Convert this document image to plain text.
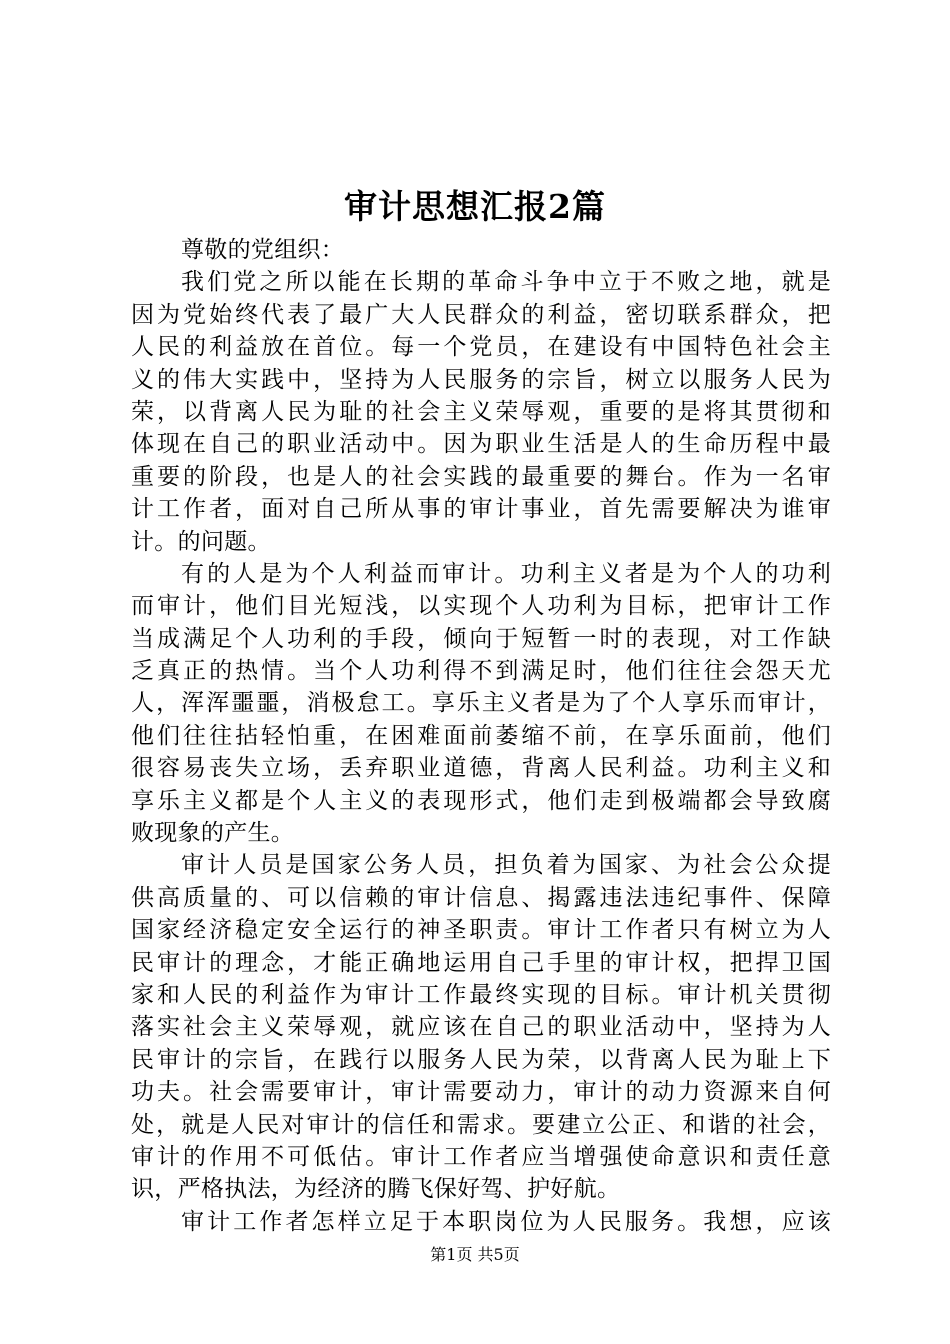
审计思想汇报2篇
尊敬的党组织：
我们党之所以能在长期的革命斗争中立于不败之地，就是
因为党始终代表了最广大人民群众的利益，密切联系群众，把
人民的利益放在首位。每一个党员，在建设有中国特色社会主
义的伟大实践中，坚持为人民服务的宗旨，树立以服务人民为
荣，以背离人民为耻的社会主义荣辱观，重要的是将其贯彻和
体现在自己的职业活动中。因为职业生活是人的生命历程中最
重要的阶段，也是人的社会实践的最重要的舞台。作为一名审
计工作者，面对自己所从事的审计事业，首先需要解决为谁审
计。的问题。
有的人是为个人利益而审计。功利主义者是为个人的功利
而审计，他们目光短浅，以实现个人功利为目标，把审计工作
当成满足个人功利的手段，倾向于短暂一时的表现，对工作缺
乏真正的热情。当个人功利得不到满足时，他们往往会怨天尤
人，浑浑噩噩，消极怠工。享乐主义者是为了个人享乐而审计，
他们往往拈轻怕重，在困难面前萎缩不前，在享乐面前，他们
很容易丧失立场，丢弃职业道德，背离人民利益。功利主义和
享乐主义都是个人主义的表现形式，他们走到极端都会导致腐
败现象的产生。
审计人员是国家公务人员，担负着为国家、为社会公众提
供高质量的、可以信赖的审计信息、揭露违法违纪事件、保障
国家经济稳定安全运行的神圣职责。审计工作者只有树立为人
民审计的理念，才能正确地运用自己手里的审计权，把捍卫国
家和人民的利益作为审计工作最终实现的目标。审计机关贯彻
落实社会主义荣辱观，就应该在自己的职业活动中，坚持为人
民审计的宗旨，在践行以服务人民为荣，以背离人民为耻上下
功夫。社会需要审计，审计需要动力，审计的动力资源来自何
处，就是人民对审计的信任和需求。要建立公正、和谐的社会，
审计的作用不可低估。审计工作者应当增强使命意识和责任意
识，严格执法，为经济的腾飞保好驾、护好航。
审计工作者怎样立足于本职岗位为人民服务。我想，应该
第1页 共5页
